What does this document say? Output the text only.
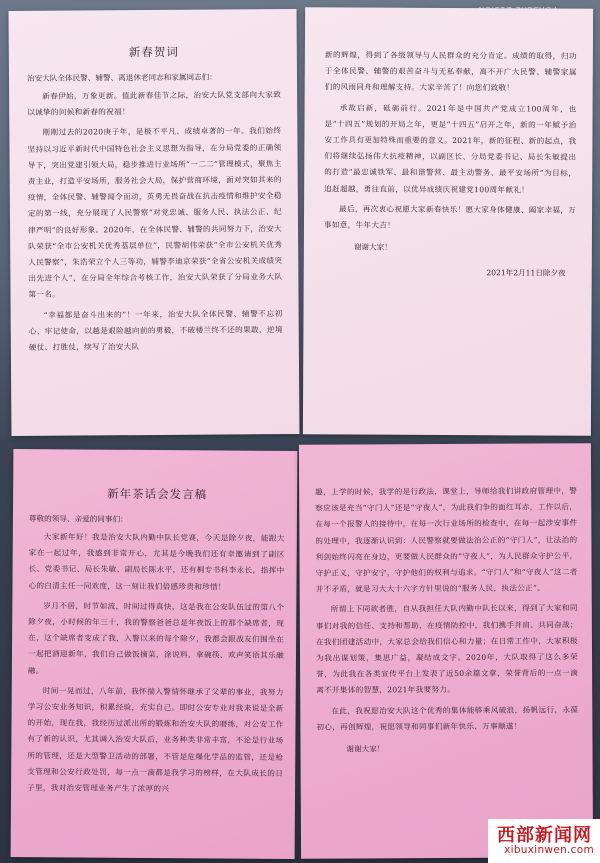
新春贺词

治安大队全体民警、辅警、离退休老同志和家属同志们：

新春伊始，万象更新。值此新春佳节之际，治安大队党支部向大家致以诚挚的问候和新春的祝福！

刚刚过去的2020庚子年，是极不平凡、成绩卓著的一年。我们始终坚持以习近平新时代中国特色社会主义思想为指导，在分局党委的正确领导下，突出党建引领大局，稳步推进行业场所“一二二”管理模式，聚焦主责主业，打造平安场所，服务社会大局，保护营商环境，面对突如其来的疫情，全体民警、辅警闻令而动，英勇无畏奋战在抗击疫情和维护安全稳定的第一线，充分展现了人民警察“对党忠诚、服务人民、执法公正、纪律严明”的良好形象。2020年，在全体民警、辅警的共同努力下，治安大队荣获“全市公安机关优秀基层单位”，民警胡伟荣获“全市公安机关优秀人民警察”，朱浩荣立个人三等功，辅警李迪京荣获“全省公安机关成绩突出先进个人”，在分局全年综合考核工作，治安大队荣获了分局业务大队第一名。

“幸福都是奋斗出来的”！一年来，治安大队全体民警、辅警不忘初心、牢记使命，以越是艰险越向前的勇毅，不破楼兰终不还的果敢，逆境硬仗、打胜仗，续写了治安大队

新的辉煌，得到了各级领导与人民群众的充分肯定。成绩的取得，归功于全体民警、辅警的艰苦奋斗与无私奉献，离不开广大民警、辅警家属们的风雨同舟和理解支持。大家辛苦了！向您们致敬！

承故启新，砥砺前行。2021年是中国共产党成立100周年，也是“十四五”规划的开局之年，更是“十四五”启开之年，新的一年赋予治安工作具有更加特殊而重要的意义。2021年，新的征程、新的起点，我们将继续弘扬伟大抗疫精神，以副区长、分局党委书记、局长朱敏提出的打造“最忠诚铁军、最和谐警营、最主动警务、最平安场所”为目标，追赶超越，勇往直前，以优异成绩庆祝建党100周年献礼！

最后，再次衷心祝愿大家新春快乐！愿大家身体健康、阖家幸福，万事如意，牛年大吉！

谢谢大家！

2021年2月11日除夕夜

新年茶话会发言稿

尊敬的领导、亲爱的同事们：

大家新年好！我是治安大队内勤中队长党赛，今天是除夕夜，能跟大家在一起过年，我感到非常开心，尤其是今晚我们还有幸邀请到了副区长、党委书记、局长朱敏、副局长陈永平，还有桐专书科李永长，指挥中心的白清主任一同欢度，这一刻让我们倍感珍贵和珍惜！

岁月不居，时节如流，时间过得真快，这是我在公安队伍过的第八个除夕夜，小时候的年三十，我的警察爸爸总是年夜饭上的那个缺席者，现在，这个缺席者变成了我，入警以来的每个除夕，我都会跟战友们围坐在一起把酒迎新年，我们自己做饭摘菜，涂说料、拿碗筷、欢声笑语其乐融融。

时间一晃而过，八年前，我怀揣入警情怀继承了父辈的事业，我努力学习公安业务知识，积累经验，充实自己。即时公安专业对我来说是全新的开始，现在我，我经历过派出所的锻炼和治安大队的磨练，对公安工作有了新的认识，尤其调入治安大队后，业务种类非常丰富，不论是行业场所的管理，还是大型警卫活动的部署，不管是危爆化学品的监管，还是枪支管理和公安行政处罚，每一点一滴都是我学习的榜样，在大队成长的日子里，我对治安管理业务产生了浓厚的兴

趣，上学的时候，我学的是行政法，课堂上，导师给我们讲政府管理中，警察应该是充当“守门人”还是“守夜人”，为此我们争的面红耳赤，工作以后，在每一个报警人的接待中，在每一次行业场所的检查中，在每一起涉安事件的处理中，我逐渐认识到：人民警察就要做法治公正的“守门人”，让法治的利剑始终闪亮在身边，更要做人民群众的“守夜人”，为人民群众守护公平，守护正义，守护安宁，守护他们的权利与追求。“守门人”和“守夜人”这二者并不矛盾，就是习大大十六字方针里说的“服务人民，执法公正”。

所谓上下同欲者胜，自从我担任大队内勤中队长以来，得到了大家和同事们对我的信任、支持和帮助，在疫情防控中，我们携手并肩、共同奋战；在我们团建活动中，大家总会给我们信心和力量；在日常工作中，大家积极为我出谋划策，集思广益，凝结成文字。2020年，大队取得了这么多荣誉，为此我在各类宣传平台上发表了近50余篇文章，荣誉背后的一点一滴离不开集体的智慧，2021年我要努力。

在此，我祝愿治安大队这个优秀的集体能够乘风破浪，扬帆远行，永葆初心，再创辉煌，祝愿领导和同事们新年快乐、万事顺遂！

谢谢大家！

西部新闻网
xibuxinwen.com
